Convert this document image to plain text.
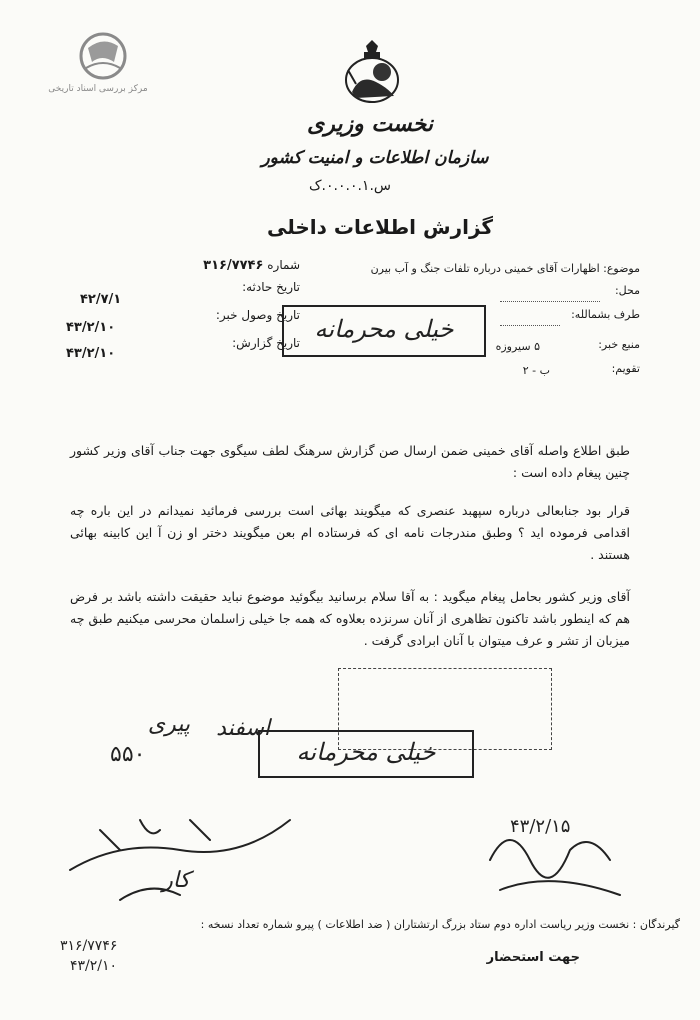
مرکز بررسی اسناد تاریخی
نخست وزیری
سازمان اطلاعات و امنیت کشور
س.۰.۰.۰.۱.ک
گزارش اطلاعات داخلی
شماره ۳۱۶/۷۷۴۶
تاریخ حادثه:
۴۲/۷/۱
تاریخ وصول خبر:
۴۳/۲/۱۰
تاریخ گزارش:
۴۳/۲/۱۰
موضوع: اظهارات آقای خمینی درباره تلفات جنگ و آب بیرن
محل:
طرف بشمالله:
منبع خبر:
۵ سیروزه
تقویم:
ب - ۲
خیلی محرمانه
طبق اطلاع واصله آقای خمینی ضمن ارسال صن گزارش سرهنگ لطف سیگوی جهت جناب آقای وزیر کشور چنین پیغام داده است :
قرار بود جنابعالی درباره سپهبد عنصری که میگویند بهائی است بررسی فرمائید نمیدانم در این باره چه اقدامی فرموده اید ؟ وطبق مندرجات نامه ای که فرستاده ام بعن میگویند دختر او زن آ این کابینه بهائی هستند .
آقای وزیر کشور بحامل پیغام میگوید : به آقا سلام برسانید بیگوئید موضوع نباید حقیقت داشته باشد بر فرض هم که اینطور باشد تاکنون تظاهری از آنان سرنزده بعلاوه که همه جا خیلی زاسلمان محرسی میکنیم طبق چه میزبان از تشر و عرف میتوان با آنان ابرادی گرفت .
پیری
۵۵۰
اسفند
خیلی محرمانه
کار
۴۳/۲/۱۵
گیرندگان : نخست وزیر ریاست اداره دوم ستاد بزرگ ارتشتاران ( ضد اطلاعات ) پیرو شماره تعداد نسخه :
جهت استحضار
۳۱۶/۷۷۴۶
۴۳/۲/۱۰
